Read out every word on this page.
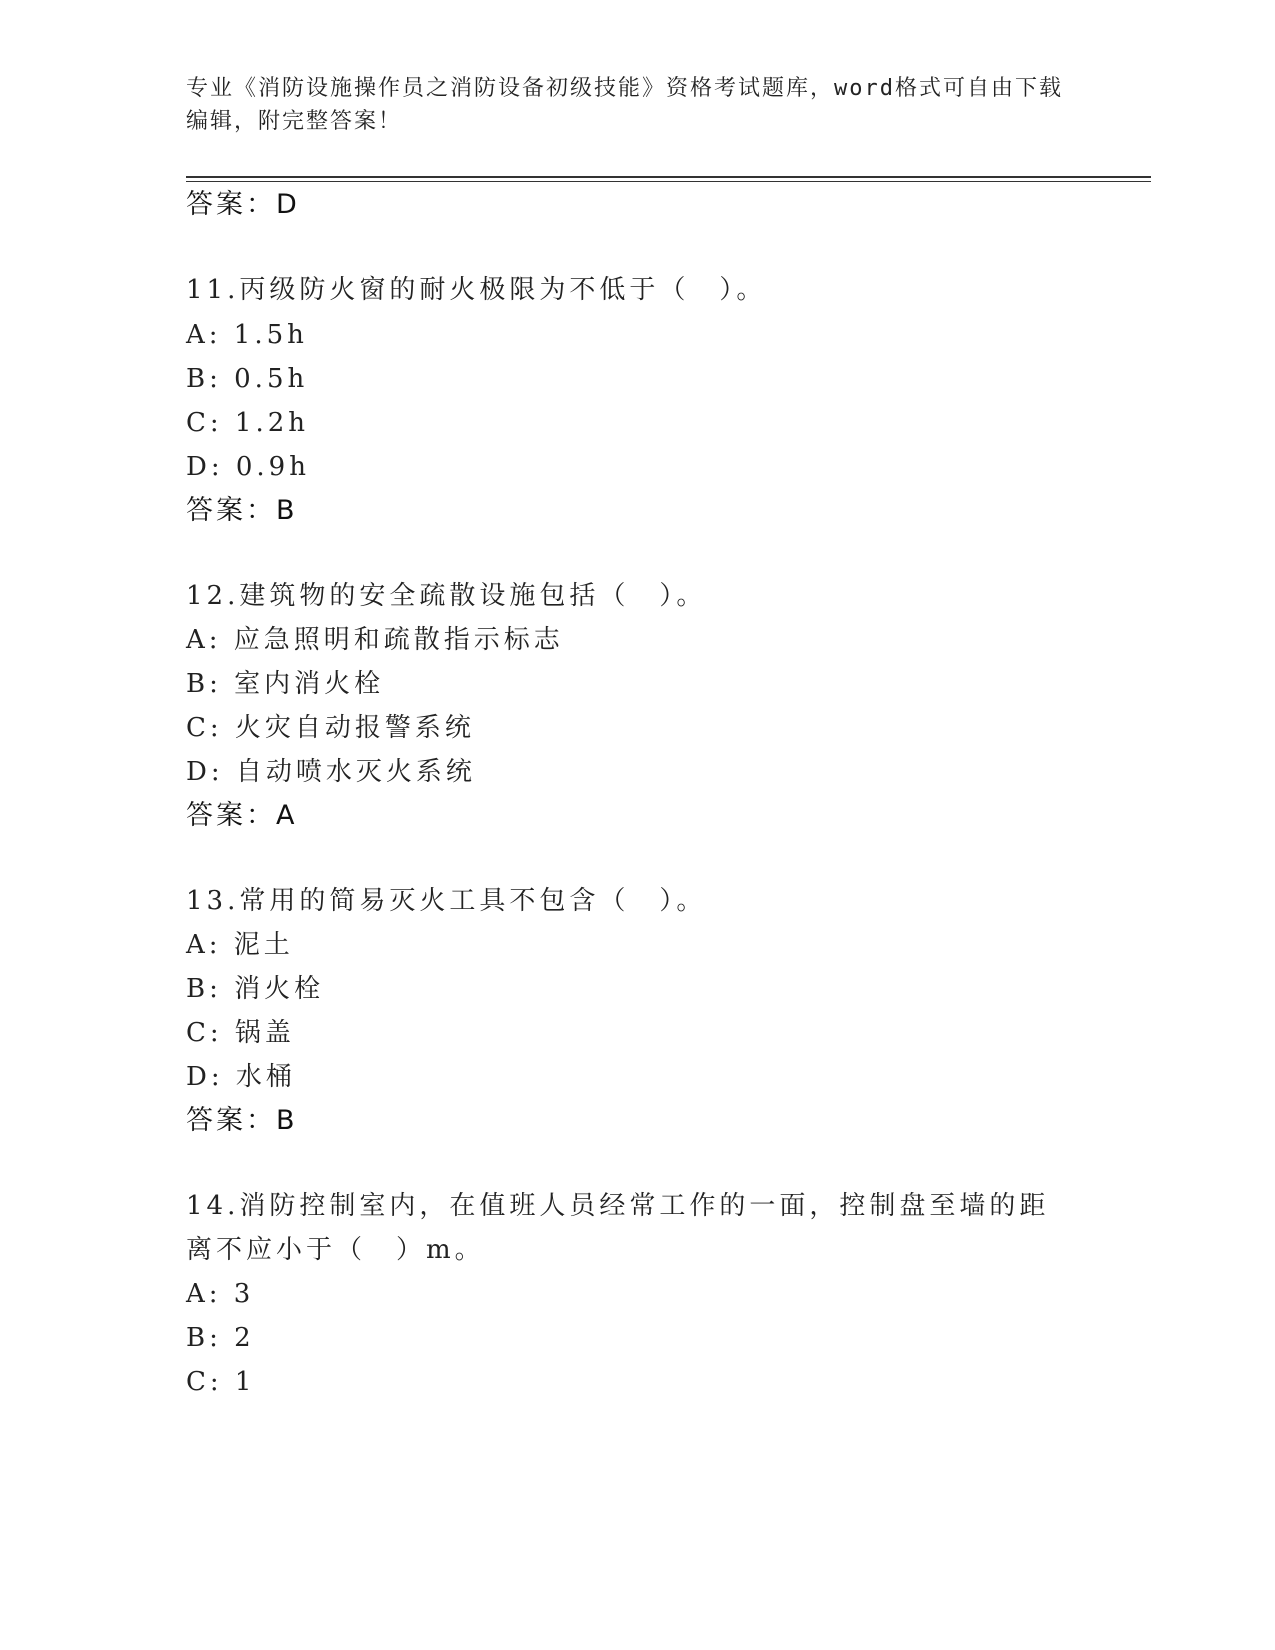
专业《消防设施操作员之消防设备初级技能》资格考试题库，word格式可自由下载编辑，附完整答案！
答案：D
11.丙级防火窗的耐火极限为不低于（　）。
A: 1.5h
B: 0.5h
C: 1.2h
D: 0.9h
答案：B
12.建筑物的安全疏散设施包括（　）。
A: 应急照明和疏散指示标志
B: 室内消火栓
C: 火灾自动报警系统
D: 自动喷水灭火系统
答案：A
13.常用的简易灭火工具不包含（　）。
A: 泥土
B: 消火栓
C: 锅盖
D: 水桶
答案：B
14.消防控制室内，在值班人员经常工作的一面，控制盘至墙的距离不应小于（　）m。
A: 3
B: 2
C: 1
